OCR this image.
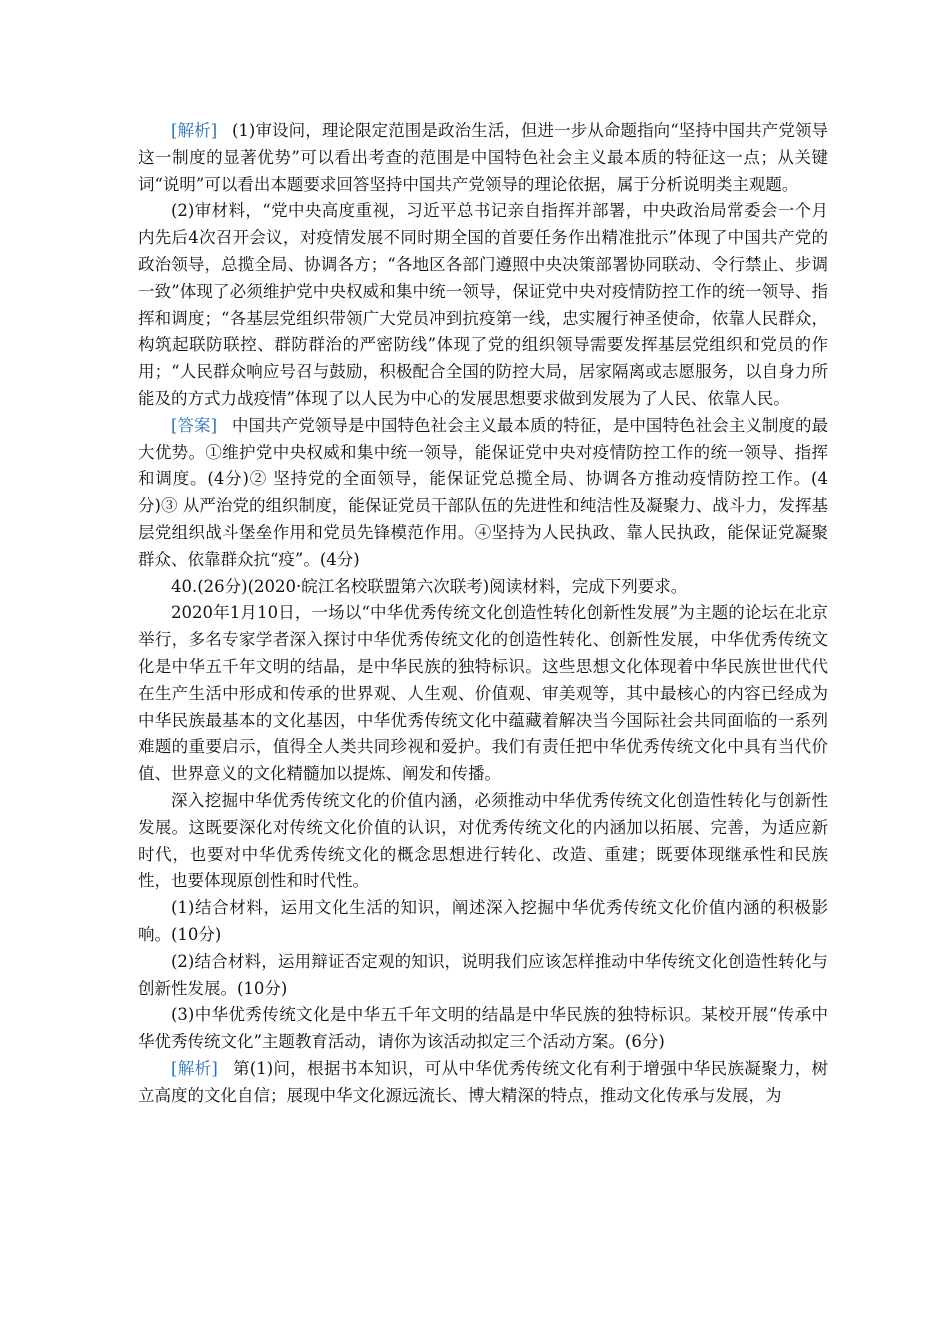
[解析] (1)审设问，理论限定范围是政治生活，但进一步从命题指向“坚持中国共产党领导这一制度的显著优势”可以看出考查的范围是中国特色社会主义最本质的特征这一点；从关键词“说明”可以看出本题要求回答坚持中国共产党领导的理论依据，属于分析说明类主观题。

(2)审材料，“党中央高度重视，习近平总书记亲自指挥并部署，中央政治局常委会一个月内先后4次召开会议，对疫情发展不同时期全国的首要任务作出精准批示”体现了中国共产党的政治领导，总揽全局、协调各方；“各地区各部门遵照中央决策部署协同联动、令行禁止、步调一致”体现了必须维护党中央权威和集中统一领导，保证党中央对疫情防控工作的统一领导、指挥和调度；“各基层党组织带领广大党员冲到抗疫第一线，忠实履行神圣使命，依靠人民群众，构筑起联防联控、群防群治的严密防线”体现了党的组织领导需要发挥基层党组织和党员的作用；“人民群众响应号召与鼓励，积极配合全国的防控大局，居家隔离或志愿服务，以自身力所能及的方式力战疫情”体现了以人民为中心的发展思想要求做到发展为了人民、依靠人民。

[答案] 中国共产党领导是中国特色社会主义最本质的特征，是中国特色社会主义制度的最大优势。①维护党中央权威和集中统一领导，能保证党中央对疫情防控工作的统一领导、指挥和调度。(4分)② 坚持党的全面领导，能保证党总揽全局、协调各方推动疫情防控工作。(4分)③ 从严治党的组织制度，能保证党员干部队伍的先进性和纯洁性及凝聚力、战斗力，发挥基层党组织战斗堡垒作用和党员先锋模范作用。④坚持为人民执政、靠人民执政，能保证党凝聚群众、依靠群众抗“疫”。(4分)

40.(26分)(2020·皖江名校联盟第六次联考)阅读材料，完成下列要求。

2020年1月10日，一场以“中华优秀传统文化创造性转化创新性发展”为主题的论坛在北京举行，多名专家学者深入探讨中华优秀传统文化的创造性转化、创新性发展，中华优秀传统文化是中华五千年文明的结晶，是中华民族的独特标识。这些思想文化体现着中华民族世世代代在生产生活中形成和传承的世界观、人生观、价值观、审美观等，其中最核心的内容已经成为中华民族最基本的文化基因，中华优秀传统文化中蕴藏着解决当今国际社会共同面临的一系列难题的重要启示，值得全人类共同珍视和爱护。我们有责任把中华优秀传统文化中具有当代价值、世界意义的文化精髓加以提炼、阐发和传播。

深入挖掘中华优秀传统文化的价值内涵，必须推动中华优秀传统文化创造性转化与创新性发展。这既要深化对传统文化价值的认识，对优秀传统文化的内涵加以拓展、完善，为适应新时代，也要对中华优秀传统文化的概念思想进行转化、改造、重建；既要体现继承性和民族性，也要体现原创性和时代性。

(1)结合材料，运用文化生活的知识，阐述深入挖掘中华优秀传统文化价值内涵的积极影响。(10分)

(2)结合材料，运用辩证否定观的知识，说明我们应该怎样推动中华传统文化创造性转化与创新性发展。(10分)

(3)中华优秀传统文化是中华五千年文明的结晶是中华民族的独特标识。某校开展“传承中华优秀传统文化”主题教育活动，请你为该活动拟定三个活动方案。(6分)

[解析] 第(1)问，根据书本知识，可从中华优秀传统文化有利于增强中华民族凝聚力，树立高度的文化自信；展现中华文化源远流长、博大精深的特点，推动文化传承与发展，为
